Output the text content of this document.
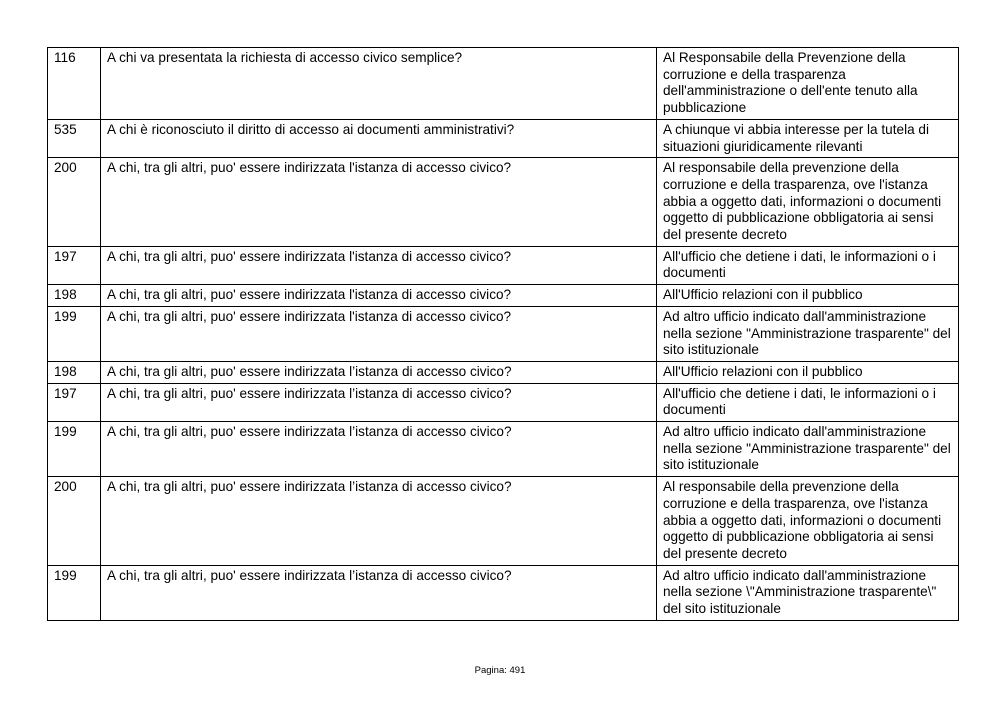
116	A chi va presentata la richiesta di accesso civico semplice?	Al Responsabile della Prevenzione della corruzione e della trasparenza dell'amministrazione o dell'ente tenuto alla pubblicazione
535	A chi è riconosciuto il diritto di accesso ai documenti amministrativi?	A chiunque vi abbia interesse per la tutela di situazioni giuridicamente rilevanti
200	A chi, tra gli altri, puo' essere indirizzata l'istanza di accesso civico?	Al responsabile della prevenzione della corruzione e della trasparenza, ove l'istanza abbia a oggetto dati, informazioni o documenti oggetto di pubblicazione obbligatoria ai sensi del presente decreto
197	A chi, tra gli altri, puo' essere indirizzata l'istanza di accesso civico?	All'ufficio che detiene i dati, le informazioni o i documenti
198	A chi, tra gli altri, puo' essere indirizzata l'istanza di accesso civico?	All'Ufficio relazioni con il pubblico
199	A chi, tra gli altri, puo' essere indirizzata l'istanza di accesso civico?	Ad altro ufficio indicato dall'amministrazione nella sezione "Amministrazione trasparente" del sito istituzionale
198	A chi, tra gli altri, puo' essere indirizzata l’istanza di accesso civico?	All'Ufficio relazioni con il pubblico
197	A chi, tra gli altri, puo' essere indirizzata l’istanza di accesso civico?	All'ufficio che detiene i dati, le informazioni o i documenti
199	A chi, tra gli altri, puo' essere indirizzata l’istanza di accesso civico?	Ad altro ufficio indicato dall'amministrazione nella sezione "Amministrazione trasparente" del sito istituzionale
200	A chi, tra gli altri, puo' essere indirizzata l’istanza di accesso civico?	Al responsabile della prevenzione della corruzione e della trasparenza, ove l'istanza abbia a oggetto dati, informazioni o documenti oggetto di pubblicazione obbligatoria ai sensi del presente decreto
199	A chi, tra gli altri, puo' essere indirizzata l’istanza di accesso civico?	Ad altro ufficio indicato dall'amministrazione nella sezione \"Amministrazione trasparente\" del sito istituzionale
Pagina: 491
